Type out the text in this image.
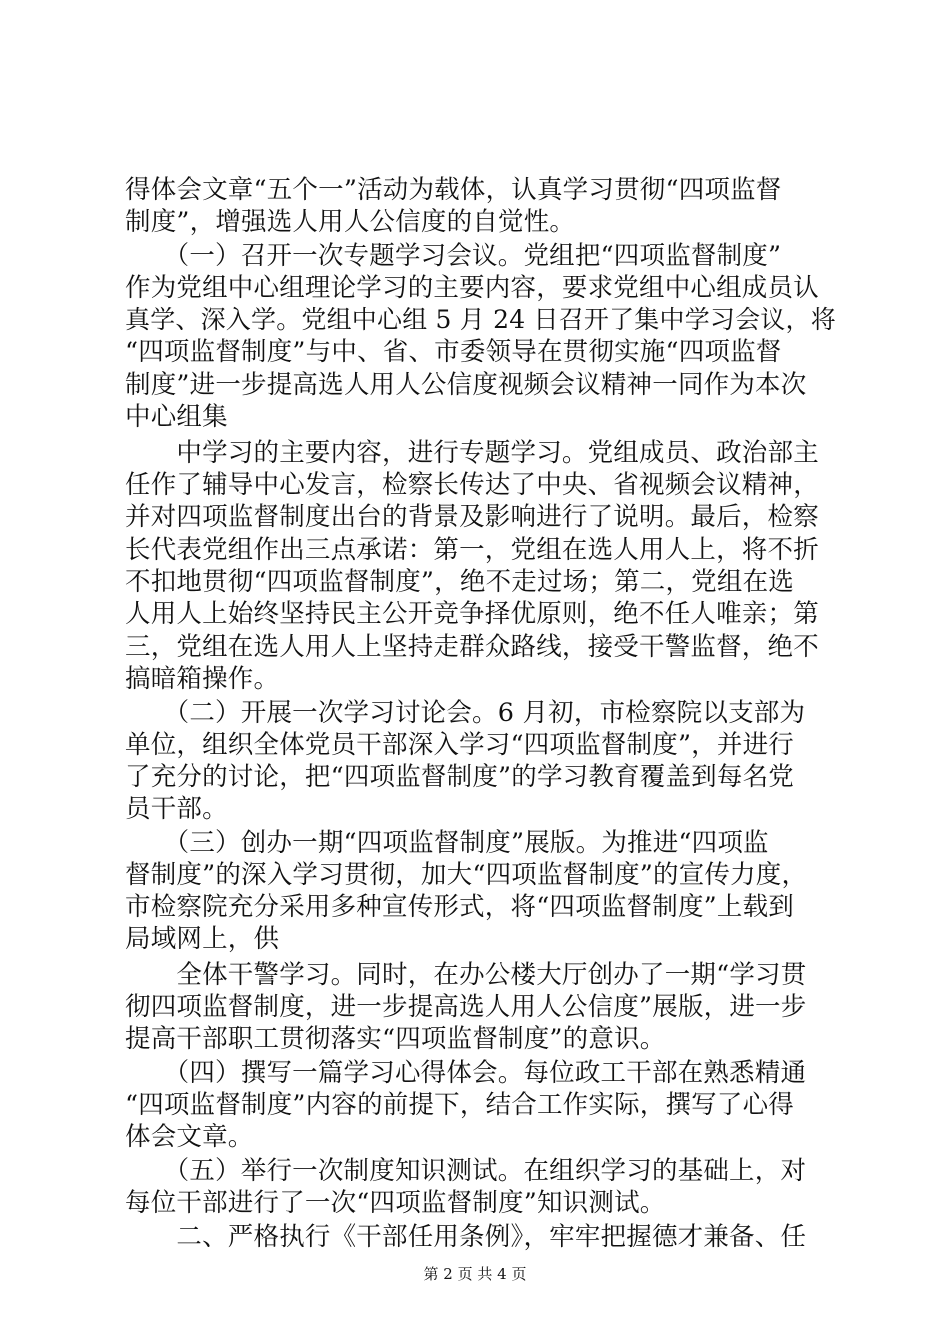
得体会文章“五个一”活动为载体，认真学习贯彻“四项监督
制度”，增强选人用人公信度的自觉性。
　　（一）召开一次专题学习会议。党组把“四项监督制度”
作为党组中心组理论学习的主要内容，要求党组中心组成员认
真学、深入学。党组中心组 5 月 24 日召开了集中学习会议，将
“四项监督制度”与中、省、市委领导在贯彻实施“四项监督
制度”进一步提高选人用人公信度视频会议精神一同作为本次
中心组集
　　中学习的主要内容，进行专题学习。党组成员、政治部主
任作了辅导中心发言，检察长传达了中央、省视频会议精神，
并对四项监督制度出台的背景及影响进行了说明。最后，检察
长代表党组作出三点承诺：第一，党组在选人用人上，将不折
不扣地贯彻“四项监督制度”，绝不走过场；第二，党组在选
人用人上始终坚持民主公开竞争择优原则，绝不任人唯亲；第
三，党组在选人用人上坚持走群众路线，接受干警监督，绝不
搞暗箱操作。
　　（二）开展一次学习讨论会。6 月初，市检察院以支部为
单位，组织全体党员干部深入学习“四项监督制度”，并进行
了充分的讨论，把“四项监督制度”的学习教育覆盖到每名党
员干部。
　　（三）创办一期“四项监督制度”展版。为推进“四项监
督制度”的深入学习贯彻，加大“四项监督制度”的宣传力度，
市检察院充分采用多种宣传形式，将“四项监督制度”上载到
局域网上，供
　　全体干警学习。同时，在办公楼大厅创办了一期“学习贯
彻四项监督制度，进一步提高选人用人公信度”展版，进一步
提高干部职工贯彻落实“四项监督制度”的意识。
　　（四）撰写一篇学习心得体会。每位政工干部在熟悉精通
“四项监督制度”内容的前提下，结合工作实际，撰写了心得
体会文章。
　　（五）举行一次制度知识测试。在组织学习的基础上，对
每位干部进行了一次“四项监督制度”知识测试。
　　二、严格执行《干部任用条例》，牢牢把握德才兼备、任
第 2 页 共 4 页
